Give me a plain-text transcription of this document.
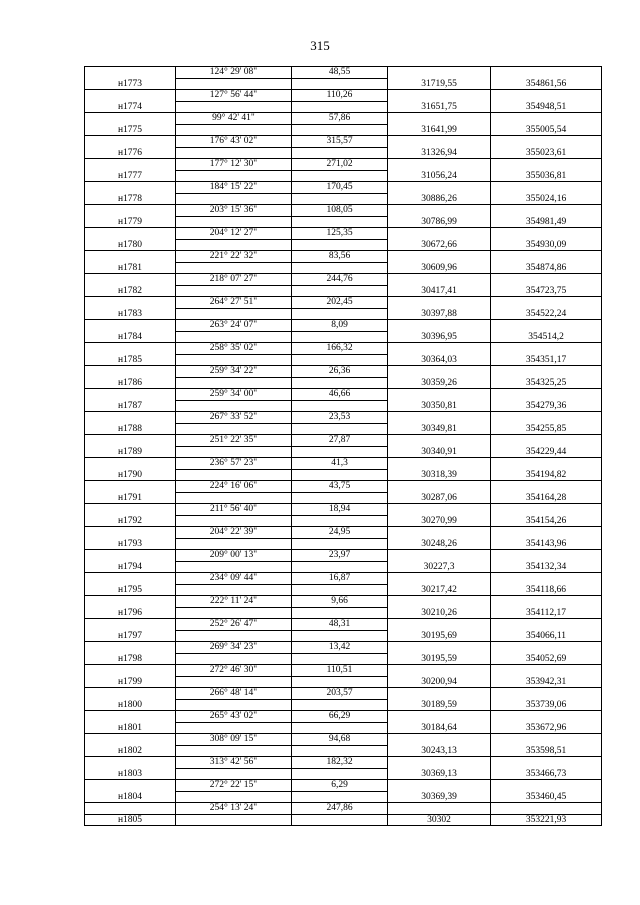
315
	124° 29' 08"	48,55		
н1773			31719,55	354861,56
	127° 56' 44"	110,26		
н1774			31651,75	354948,51
	99° 42' 41"	57,86		
н1775			31641,99	355005,54
	176° 43' 02"	315,57		
н1776			31326,94	355023,61
	177° 12' 30"	271,02		
н1777			31056,24	355036,81
	184° 15' 22"	170,45		
н1778			30886,26	355024,16
	203° 15' 36"	108,05		
н1779			30786,99	354981,49
	204° 12' 27"	125,35		
н1780			30672,66	354930,09
	221° 22' 32"	83,56		
н1781			30609,96	354874,86
	218° 07' 27"	244,76		
н1782			30417,41	354723,75
	264° 27' 51"	202,45		
н1783			30397,88	354522,24
	263° 24' 07"	8,09		
н1784			30396,95	354514,2
	258° 35' 02"	166,32		
н1785			30364,03	354351,17
	259° 34' 22"	26,36		
н1786			30359,26	354325,25
	259° 34' 00"	46,66		
н1787			30350,81	354279,36
	267° 33' 52"	23,53		
н1788			30349,81	354255,85
	251° 22' 35"	27,87		
н1789			30340,91	354229,44
	236° 57' 23"	41,3		
н1790			30318,39	354194,82
	224° 16' 06"	43,75		
н1791			30287,06	354164,28
	211° 56' 40"	18,94		
н1792			30270,99	354154,26
	204° 22' 39"	24,95		
н1793			30248,26	354143,96
	209° 00' 13"	23,97		
н1794			30227,3	354132,34
	234° 09' 44"	16,87		
н1795			30217,42	354118,66
	222° 11' 24"	9,66		
н1796			30210,26	354112,17
	252° 26' 47"	48,31		
н1797			30195,69	354066,11
	269° 34' 23"	13,42		
н1798			30195,59	354052,69
	272° 46' 30"	110,51		
н1799			30200,94	353942,31
	266° 48' 14"	203,57		
н1800			30189,59	353739,06
	265° 43' 02"	66,29		
н1801			30184,64	353672,96
	308° 09' 15"	94,68		
н1802			30243,13	353598,51
	313° 42' 56"	182,32		
н1803			30369,13	353466,73
	272° 22' 15"	6,29		
н1804			30369,39	353460,45
	254° 13' 24"	247,86		
н1805			30302	353221,93
